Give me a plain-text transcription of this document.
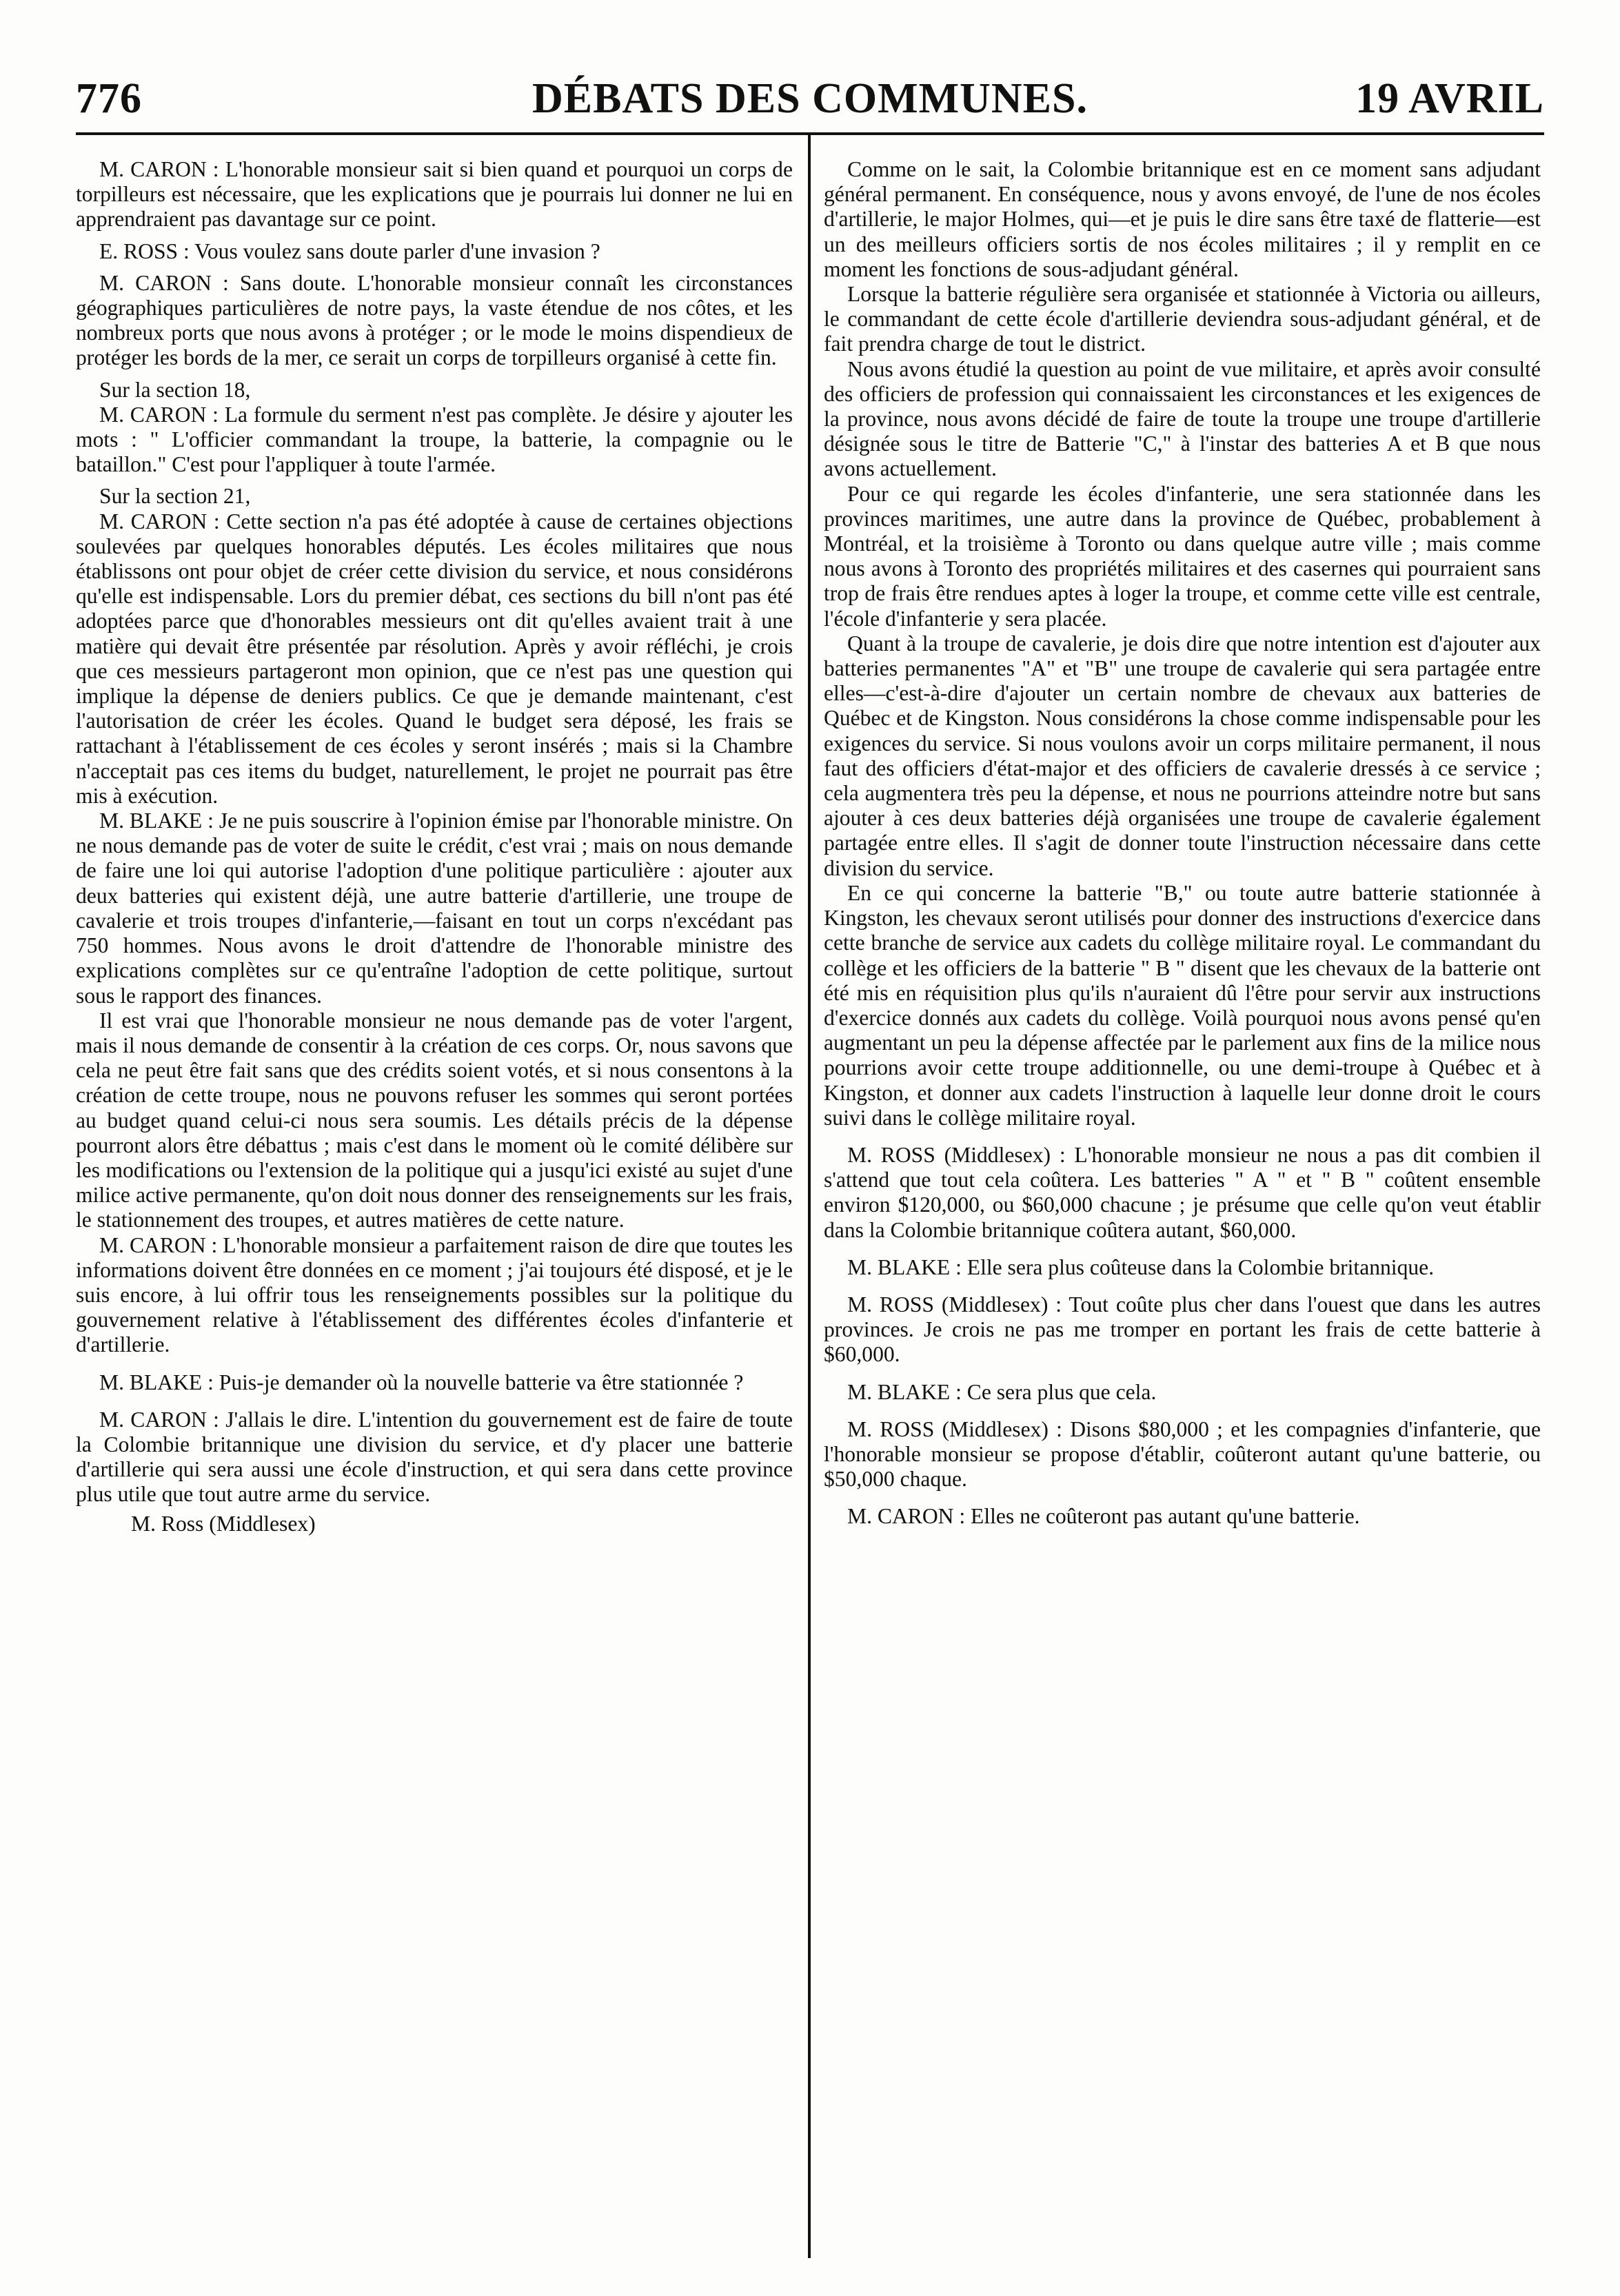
776	DÉBATS DES COMMUNES.	19 AVRIL

M. CARON : L'honorable monsieur sait si bien quand et pourquoi un corps de torpilleurs est nécessaire, que les explications que je pourrais lui donner ne lui en apprendraient pas davantage sur ce point.

E. ROSS : Vous voulez sans doute parler d'une invasion ?

M. CARON : Sans doute. L'honorable monsieur connaît les circonstances géographiques particulières de notre pays, la vaste étendue de nos côtes, et les nombreux ports que nous avons à protéger ; or le mode le moins dispendieux de protéger les bords de la mer, ce serait un corps de torpilleurs organisé à cette fin.

Sur la section 18,

M. CARON : La formule du serment n'est pas complète. Je désire y ajouter les mots : " L'officier commandant la troupe, la batterie, la compagnie ou le bataillon." C'est pour l'appliquer à toute l'armée.

Sur la section 21,

M. CARON : Cette section n'a pas été adoptée à cause de certaines objections soulevées par quelques honorables députés. Les écoles militaires que nous établissons ont pour objet de créer cette division du service, et nous considérons qu'elle est indispensable. Lors du premier débat, ces sections du bill n'ont pas été adoptées parce que d'honorables messieurs ont dit qu'elles avaient trait à une matière qui devait être présentée par résolution. Après y avoir réfléchi, je crois que ces messieurs partageront mon opinion, que ce n'est pas une question qui implique la dépense de deniers publics. Ce que je demande maintenant, c'est l'autorisation de créer les écoles. Quand le budget sera déposé, les frais se rattachant à l'établissement de ces écoles y seront insérés ; mais si la Chambre n'acceptait pas ces items du budget, naturellement, le projet ne pourrait pas être mis à exécution.

M. BLAKE : Je ne puis souscrire à l'opinion émise par l'honorable ministre. On ne nous demande pas de voter de suite le crédit, c'est vrai ; mais on nous demande de faire une loi qui autorise l'adoption d'une politique particulière : ajouter aux deux batteries qui existent déjà, une autre batterie d'artillerie, une troupe de cavalerie et trois troupes d'infanterie,—faisant en tout un corps n'excédant pas 750 hommes. Nous avons le droit d'attendre de l'honorable ministre des explications complètes sur ce qu'entraîne l'adoption de cette politique, surtout sous le rapport des finances.

Il est vrai que l'honorable monsieur ne nous demande pas de voter l'argent, mais il nous demande de consentir à la création de ces corps. Or, nous savons que cela ne peut être fait sans que des crédits soient votés, et si nous consentons à la création de cette troupe, nous ne pouvons refuser les sommes qui seront portées au budget quand celui-ci nous sera soumis. Les détails précis de la dépense pourront alors être débattus ; mais c'est dans le moment où le comité délibère sur les modifications ou l'extension de la politique qui a jusqu'ici existé au sujet d'une milice active permanente, qu'on doit nous donner des renseignements sur les frais, le stationnement des troupes, et autres matières de cette nature.

M. CARON : L'honorable monsieur a parfaitement raison de dire que toutes les informations doivent être données en ce moment ; j'ai toujours été disposé, et je le suis encore, à lui offrir tous les renseignements possibles sur la politique du gouvernement relative à l'établissement des différentes écoles d'infanterie et d'artillerie.

M. BLAKE : Puis-je demander où la nouvelle batterie va être stationnée ?

M. CARON : J'allais le dire. L'intention du gouvernement est de faire de toute la Colombie britannique une division du service, et d'y placer une batterie d'artillerie qui sera aussi une école d'instruction, et qui sera dans cette province plus utile que tout autre arme du service.

M. Ross (Middlesex)

Comme on le sait, la Colombie britannique est en ce moment sans adjudant général permanent. En conséquence, nous y avons envoyé, de l'une de nos écoles d'artillerie, le major Holmes, qui—et je puis le dire sans être taxé de flatterie—est un des meilleurs officiers sortis de nos écoles militaires ; il y remplit en ce moment les fonctions de sous-adjudant général.

Lorsque la batterie régulière sera organisée et stationnée à Victoria ou ailleurs, le commandant de cette école d'artillerie deviendra sous-adjudant général, et de fait prendra charge de tout le district.

Nous avons étudié la question au point de vue militaire, et après avoir consulté des officiers de profession qui connaissaient les circonstances et les exigences de la province, nous avons décidé de faire de toute la troupe une troupe d'artillerie désignée sous le titre de Batterie "C," à l'instar des batteries A et B que nous avons actuellement.

Pour ce qui regarde les écoles d'infanterie, une sera stationnée dans les provinces maritimes, une autre dans la province de Québec, probablement à Montréal, et la troisième à Toronto ou dans quelque autre ville ; mais comme nous avons à Toronto des propriétés militaires et des casernes qui pourraient sans trop de frais être rendues aptes à loger la troupe, et comme cette ville est centrale, l'école d'infanterie y sera placée.

Quant à la troupe de cavalerie, je dois dire que notre intention est d'ajouter aux batteries permanentes "A" et "B" une troupe de cavalerie qui sera partagée entre elles—c'est-à-dire d'ajouter un certain nombre de chevaux aux batteries de Québec et de Kingston. Nous considérons la chose comme indispensable pour les exigences du service. Si nous voulons avoir un corps militaire permanent, il nous faut des officiers d'état-major et des officiers de cavalerie dressés à ce service ; cela augmentera très peu la dépense, et nous ne pourrions atteindre notre but sans ajouter à ces deux batteries déjà organisées une troupe de cavalerie également partagée entre elles. Il s'agit de donner toute l'instruction nécessaire dans cette division du service.

En ce qui concerne la batterie "B," ou toute autre batterie stationnée à Kingston, les chevaux seront utilisés pour donner des instructions d'exercice dans cette branche de service aux cadets du collège militaire royal. Le commandant du collège et les officiers de la batterie " B " disent que les chevaux de la batterie ont été mis en réquisition plus qu'ils n'auraient dû l'être pour servir aux instructions d'exercice donnés aux cadets du collège. Voilà pourquoi nous avons pensé qu'en augmentant un peu la dépense affectée par le parlement aux fins de la milice nous pourrions avoir cette troupe additionnelle, ou une demi-troupe à Québec et à Kingston, et donner aux cadets l'instruction à laquelle leur donne droit le cours suivi dans le collège militaire royal.

M. ROSS (Middlesex) : L'honorable monsieur ne nous a pas dit combien il s'attend que tout cela coûtera. Les batteries " A " et " B " coûtent ensemble environ $120,000, ou $60,000 chacune ; je présume que celle qu'on veut établir dans la Colombie britannique coûtera autant, $60,000.

M. BLAKE : Elle sera plus coûteuse dans la Colombie britannique.

M. ROSS (Middlesex) : Tout coûte plus cher dans l'ouest que dans les autres provinces. Je crois ne pas me tromper en portant les frais de cette batterie à $60,000.

M. BLAKE : Ce sera plus que cela.

M. ROSS (Middlesex) : Disons $80,000 ; et les compagnies d'infanterie, que l'honorable monsieur se propose d'établir, coûteront autant qu'une batterie, ou $50,000 chaque.

M. CARON : Elles ne coûteront pas autant qu'une batterie.
